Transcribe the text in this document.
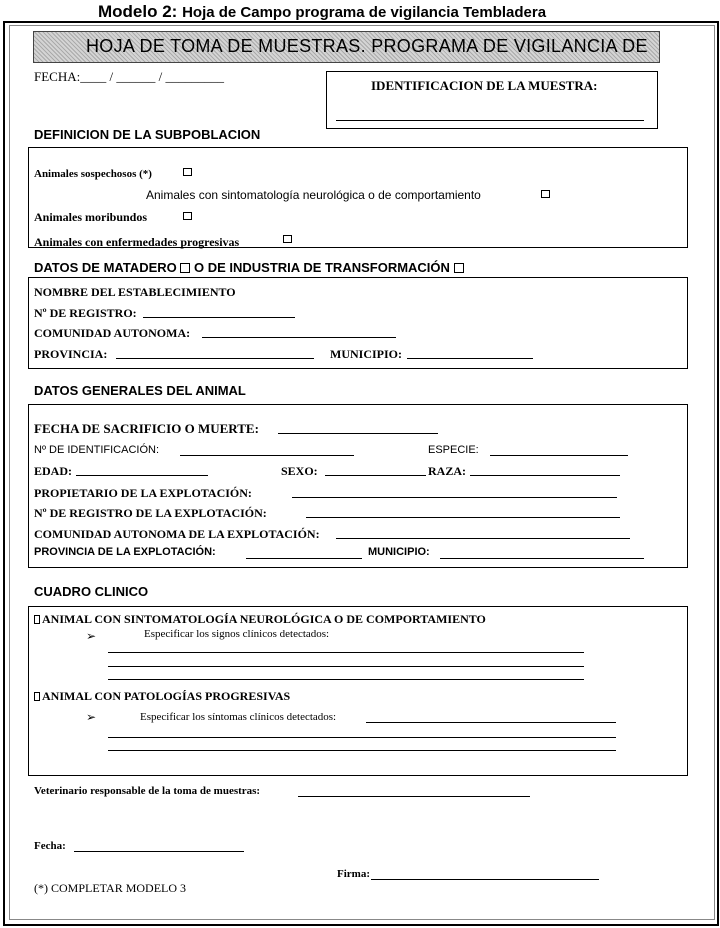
Modelo 2: Hoja de Campo programa de vigilancia Tembladera
HOJA DE TOMA DE MUESTRAS. PROGRAMA DE VIGILANCIA DE
FECHA:____ / ______ / _________
IDENTIFICACION DE LA MUESTRA:
DEFINICION DE LA SUBPOBLACION
Animales sospechosos (*)
Animales con sintomatología neurológica o de comportamiento
Animales moribundos
Animales con enfermedades progresivas
DATOS DE MATADERO O DE INDUSTRIA DE TRANSFORMACIÓN
NOMBRE DEL ESTABLECIMIENTO
Nº DE REGISTRO:
COMUNIDAD AUTONOMA:
PROVINCIA:	MUNICIPIO:
DATOS GENERALES DEL ANIMAL
FECHA DE SACRIFICIO O MUERTE:
Nº DE IDENTIFICACIÓN:	ESPECIE:
EDAD:	SEXO:	RAZA:
PROPIETARIO DE LA EXPLOTACIÓN:
Nº DE REGISTRO DE LA EXPLOTACIÓN:
COMUNIDAD AUTONOMA DE LA EXPLOTACIÓN:
PROVINCIA DE LA EXPLOTACIÓN:	MUNICIPIO:
CUADRO CLINICO
ANIMAL CON SINTOMATOLOGÍA NEUROLÓGICA O DE COMPORTAMIENTO
➢	Especificar los signos clínicos detectados:
ANIMAL CON PATOLOGÍAS PROGRESIVAS
➢	Especificar los síntomas clínicos detectados:
Veterinario responsable de la toma de muestras:
Fecha:
Firma:
(*) COMPLETAR MODELO 3
